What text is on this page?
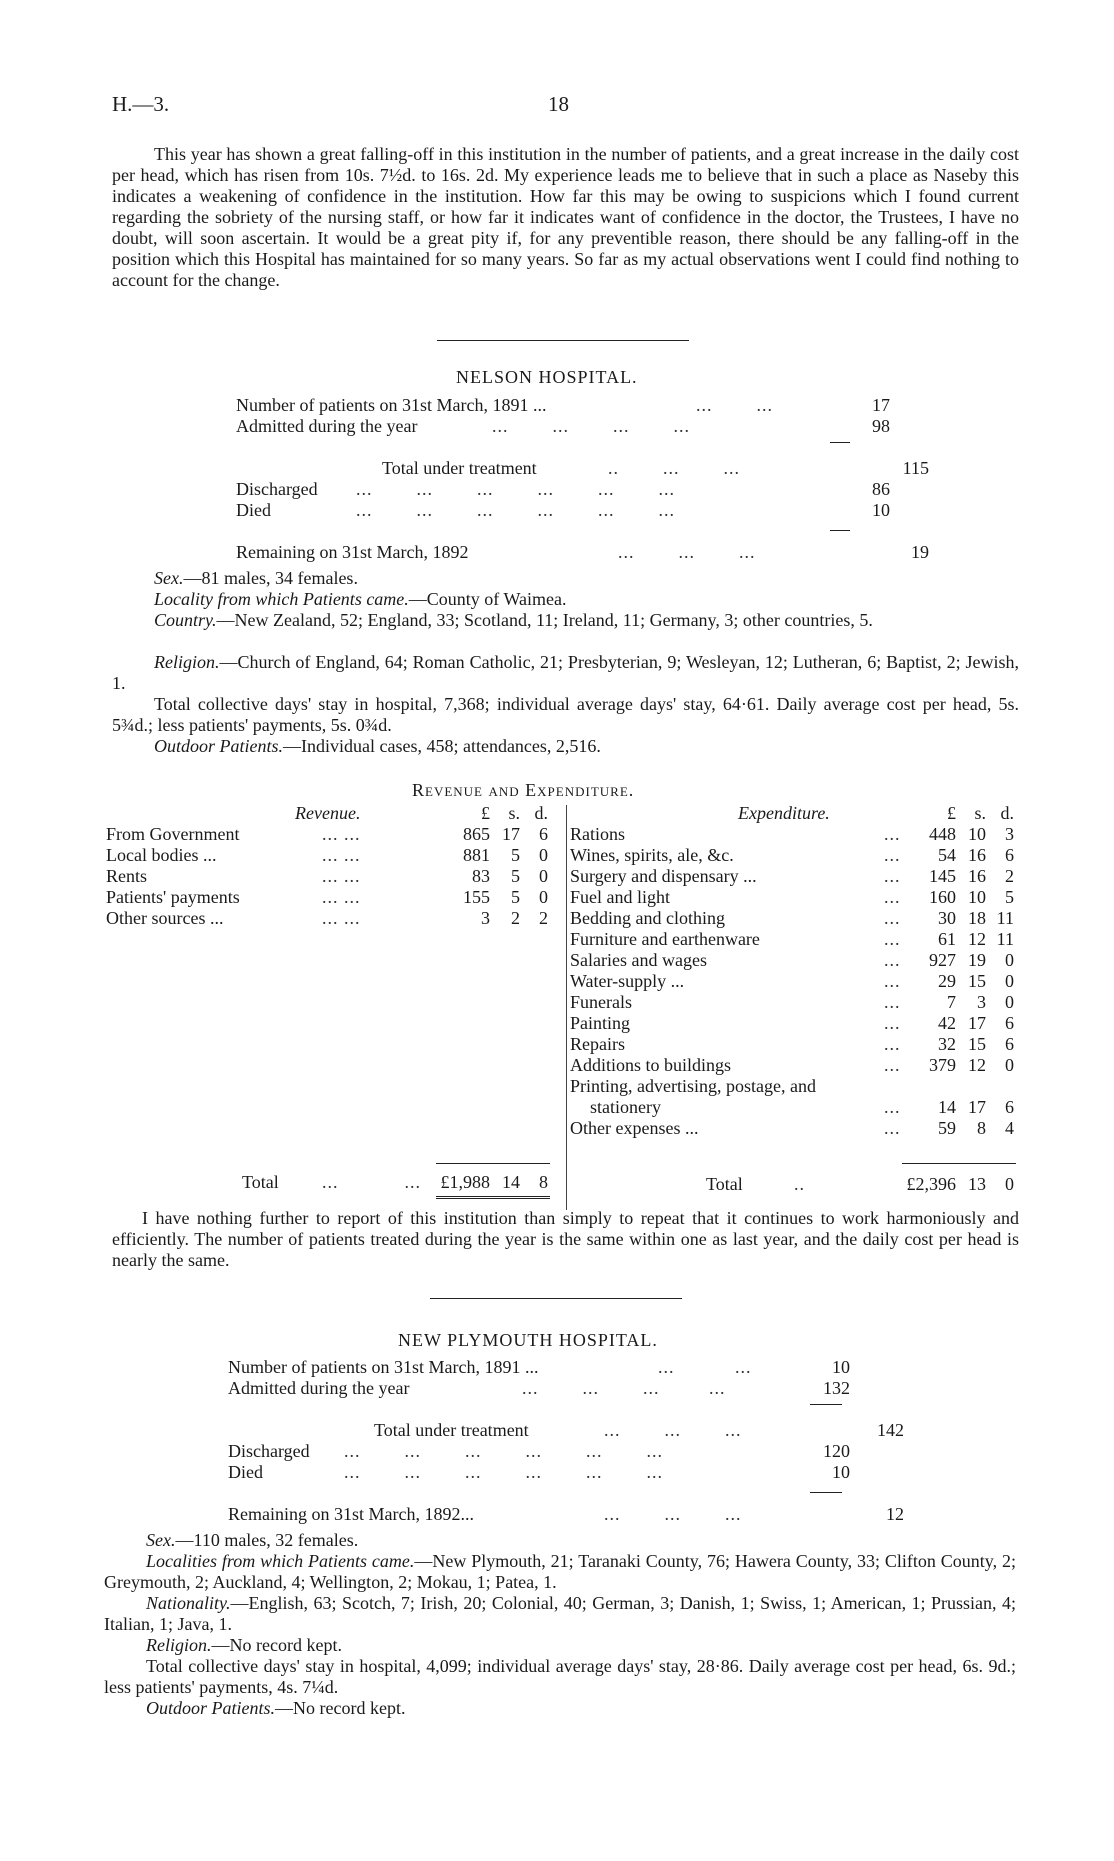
H.—3.	18
This year has shown a great falling-off in this institution in the number of patients, and a great increase in the daily cost per head, which has risen from 10s. 7½d. to 16s. 2d. My experience leads me to believe that in such a place as Naseby this indicates a weakening of confidence in the institution. How far this may be owing to suspicions which I found current regarding the sobriety of the nursing staff, or how far it indicates want of confidence in the doctor, the Trustees, I have no doubt, will soon ascertain. It would be a great pity if, for any preventible reason, there should be any falling-off in the position which this Hospital has maintained for so many years. So far as my actual observations went I could find nothing to account for the change.
NELSON HOSPITAL.
Number of patients on 31st March, 1891 ...	...        ...	17
Admitted during the year	...        ...        ...        ...	98
Total under treatment	..        ...        ...	115
Discharged ...        ...        ...        ...        ...        ...	86
Died	...        ...        ...        ...        ...        ...	10
Remaining on 31st March, 1892	...        ...        ...	19
Sex.—81 males, 34 females.
Locality from which Patients came.—County of Waimea.
Country.—New Zealand, 52; England, 33; Scotland, 11; Ireland, 11; Germany, 3; other countries, 5.
Religion.—Church of England, 64; Roman Catholic, 21; Presbyterian, 9; Wesleyan, 12; Lutheran, 6; Baptist, 2; Jewish, 1.
Total collective days' stay in hospital, 7,368; individual average days' stay, 64·61. Daily average cost per head, 5s. 5¾d.; less patients' payments, 5s. 0¾d.
Outdoor Patients.—Individual cases, 458; attendances, 2,516.
Revenue and Expenditure.
Revenue.	£	s. d.	Expenditure.	£	s. d.
From Government	... ...	865 17	6
Local bodies ...	... ...	881	5	0
Rents	... ...	83	5	0
Patients' payments	... ...	155	5	0
Other sources ...	... ...	3	2	2
Rations	...	448 10	3
Wines, spirits, ale, &c.	...	54 16	6
Surgery and dispensary ...	...	145 16	2
Fuel and light	...	160 10	5
Bedding and clothing	...	30 18 11
Furniture and earthenware	...	61 12 11
Salaries and wages	...	927 19	0
Water-supply ...	...	29 15	0
Funerals	...	7	3	0
Painting	...	42 17	6
Repairs	...	32 15	6
Additions to buildings	...	379 12	0
Printing, advertising, postage, and
stationery	...	14 17	6
Other expenses ...	...	59	8	4
Total ...            ...	£1,988 14	8	Total	..	£2,396 13	0
I have nothing further to report of this institution than simply to repeat that it continues to work harmoniously and efficiently. The number of patients treated during the year is the same within one as last year, and the daily cost per head is nearly the same.
NEW PLYMOUTH HOSPITAL.
Number of patients on 31st March, 1891 ...	...           ...	10
Admitted during the year	...        ...        ...         ...	132
Total under treatment	...        ...        ...	142
Discharged ...        ...        ...        ...        ...        ...	120
Died	...        ...        ...        ...        ...        ...	10
Remaining on 31st March, 1892...	...        ...        ...	12
Sex.—110 males, 32 females.
Localities from which Patients came.—New Plymouth, 21; Taranaki County, 76; Hawera County, 33; Clifton County, 2; Greymouth, 2; Auckland, 4; Wellington, 2; Mokau, 1; Patea, 1.
Nationality.—English, 63; Scotch, 7; Irish, 20; Colonial, 40; German, 3; Danish, 1; Swiss, 1; American, 1; Prussian, 4; Italian, 1; Java, 1.
Religion.—No record kept.
Total collective days' stay in hospital, 4,099; individual average days' stay, 28·86. Daily average cost per head, 6s. 9d.; less patients' payments, 4s. 7¼d.
Outdoor Patients.—No record kept.
